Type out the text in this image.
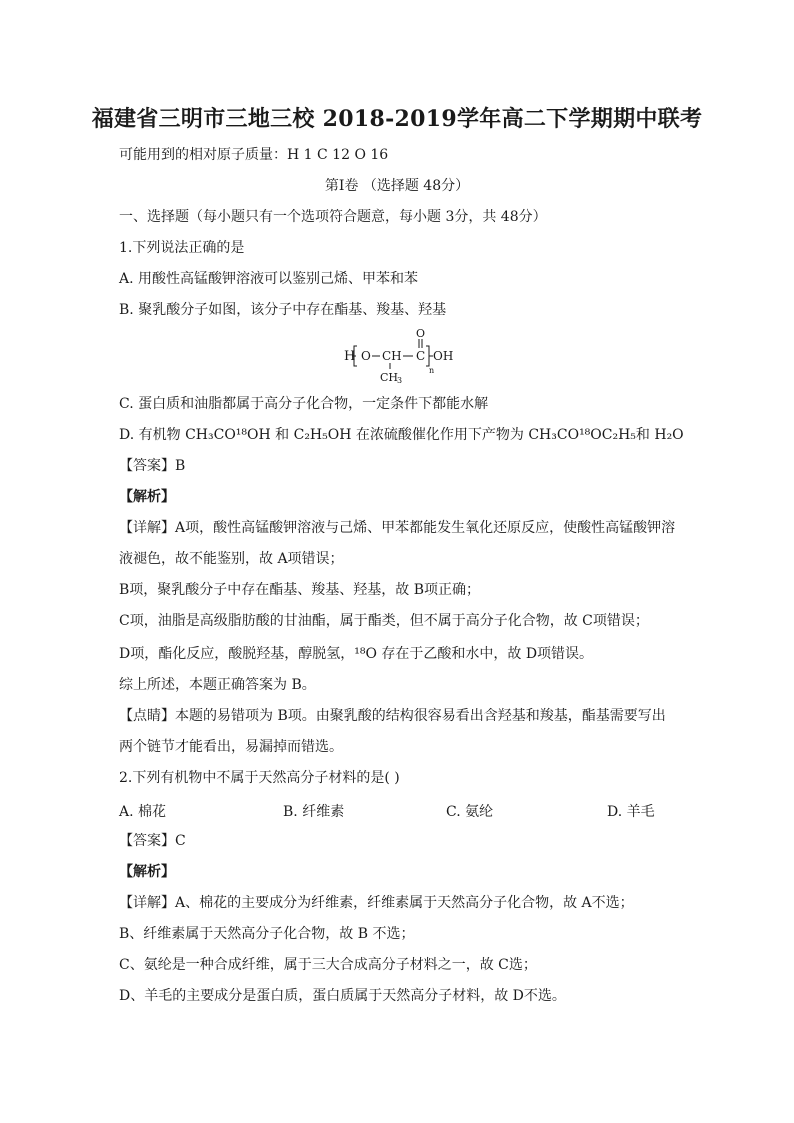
福建省三明市三地三校 2018-2019学年高二下学期期中联考
可能用到的相对原子质量：H 1 C 12 O 16
第Ⅰ卷 （选择题 48分）
一、选择题（每小题只有一个选项符合题意，每小题 3分，共 48分）
1.下列说法正确的是
A. 用酸性高锰酸钾溶液可以鉴别己烯、甲苯和苯
B. 聚乳酸分子如图，该分子中存在酯基、羧基、羟基
H O CH C
O
n
OH
CH
3
C. 蛋白质和油脂都属于高分子化合物，一定条件下都能水解
D. 有机物 CH₃CO¹⁸OH 和 C₂H₅OH 在浓硫酸催化作用下产物为 CH₃CO¹⁸OC₂H₅和 H₂O
【答案】B
【解析】
【详解】A项，酸性高锰酸钾溶液与己烯、甲苯都能发生氧化还原反应，使酸性高锰酸钾溶
液褪色，故不能鉴别，故 A项错误；
B项，聚乳酸分子中存在酯基、羧基、羟基，故 B项正确；
C项，油脂是高级脂肪酸的甘油酯，属于酯类，但不属于高分子化合物，故 C项错误；
D项，酯化反应，酸脱羟基，醇脱氢，¹⁸O 存在于乙酸和水中，故 D项错误。
综上所述，本题正确答案为 B。
【点睛】本题的易错项为 B项。由聚乳酸的结构很容易看出含羟基和羧基，酯基需要写出
两个链节才能看出，易漏掉而错选。
2.下列有机物中不属于天然高分子材料的是( )
A. 棉花	B. 纤维素	C. 氨纶	D. 羊毛
【答案】C
【解析】
【详解】A、棉花的主要成分为纤维素，纤维素属于天然高分子化合物，故 A不选；
B、纤维素属于天然高分子化合物，故 B 不选；
C、氨纶是一种合成纤维，属于三大合成高分子材料之一，故 C选；
D、羊毛的主要成分是蛋白质，蛋白质属于天然高分子材料，故 D不选。
